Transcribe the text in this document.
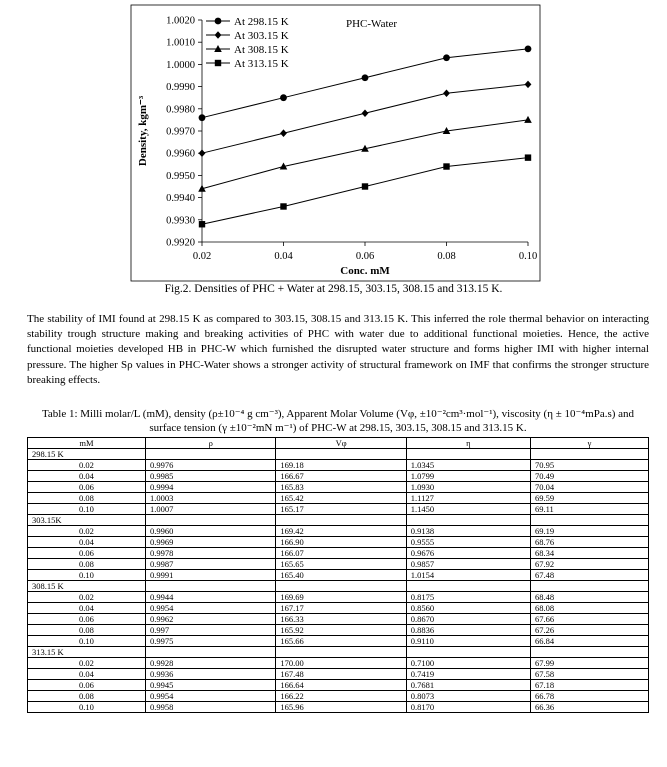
0.9920
0.9930
0.9940
0.9950
0.9960
0.9970
0.9980
0.9990
1.0000
1.0010
1.0020
0.02	0.04	0.06	0.08	0.10
Conc. mM
Density, kgm⁻³
PHC-Water
At 298.15 K
At 303.15 K
At 308.15 K
At 313.15 K
Fig.2. Densities of PHC + Water at 298.15, 303.15, 308.15 and 313.15 K.
The stability of IMI found at 298.15 K as compared to 303.15, 308.15 and 313.15 K. This inferred the role thermal behavior on interacting stability trough structure making and breaking activities of PHC with water due to additional functional moieties. Hence, the active functional moieties developed HB in PHC-W which furnished the disrupted water structure and forms higher IMI with higher internal pressure. The higher Sρ values in PHC-Water shows a stronger activity of structural framework on IMF that confirms the stronger structure breaking effects.
Table 1: Milli molar/L (mM), density (ρ±10⁻⁴ g cm⁻³), Apparent Molar Volume (Vφ, ±10⁻²cm³·mol⁻¹), viscosity (η ± 10⁻⁴mPa.s) and surface tension (γ ±10⁻²mN m⁻¹) of PHC-W at 298.15, 303.15, 308.15 and 313.15 K.
mM	ρ	Vφ	η	γ
298.15 K				
0.02	0.9976	169.18	1.0345	70.95
0.04	0.9985	166.67	1.0799	70.49
0.06	0.9994	165.83	1.0930	70.04
0.08	1.0003	165.42	1.1127	69.59
0.10	1.0007	165.17	1.1450	69.11
303.15K				
0.02	0.9960	169.42	0.9138	69.19
0.04	0.9969	166.90	0.9555	68.76
0.06	0.9978	166.07	0.9676	68.34
0.08	0.9987	165.65	0.9857	67.92
0.10	0.9991	165.40	1.0154	67.48
308.15 K				
0.02	0.9944	169.69	0.8175	68.48
0.04	0.9954	167.17	0.8560	68.08
0.06	0.9962	166.33	0.8670	67.66
0.08	0.997	165.92	0.8836	67.26
0.10	0.9975	165.66	0.9110	66.84
313.15 K				
0.02	0.9928	170.00	0.7100	67.99
0.04	0.9936	167.48	0.7419	67.58
0.06	0.9945	166.64	0.7681	67.18
0.08	0.9954	166.22	0.8073	66.78
0.10	0.9958	165.96	0.8170	66.36
